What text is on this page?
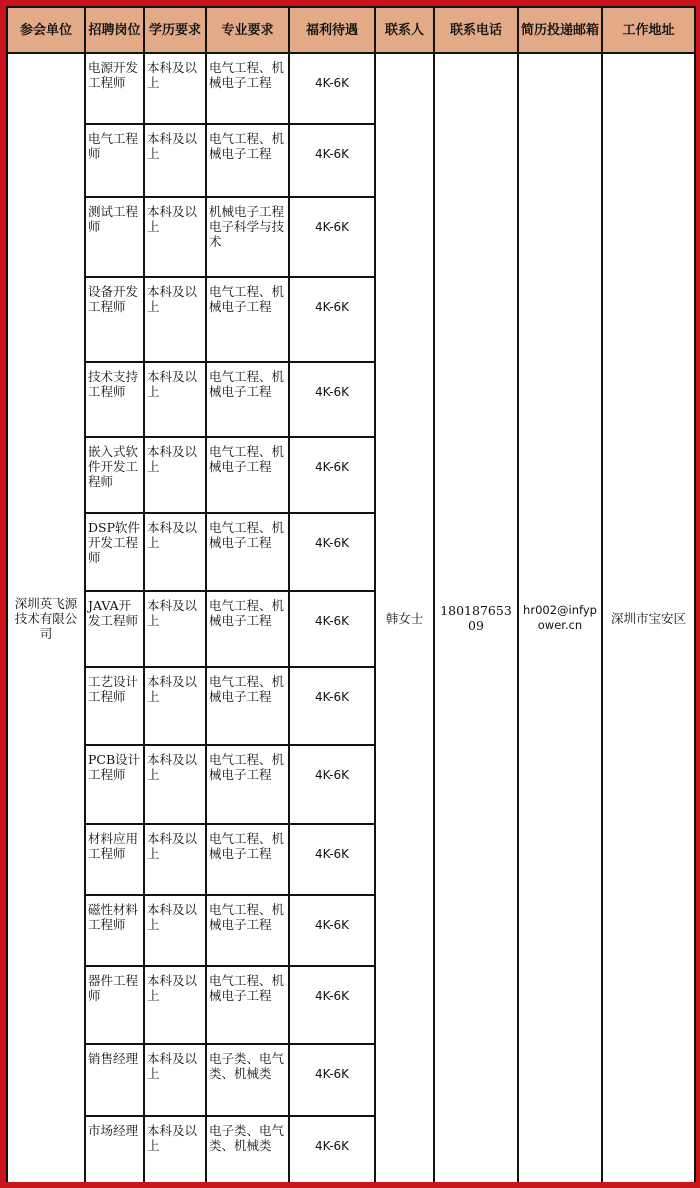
参会单位	招聘岗位	学历要求	专业要求	福利待遇	联系人	联系电话	简历投递邮箱	工作地址
深圳英飞源技术有限公司	电源开发工程师	本科及以上	电气工程、机械电子工程	4K-6K	韩女士	18018765309	hr002@infypower.cn	深圳市宝安区
	电气工程师	本科及以上	电气工程、机械电子工程	4K-6K				
	测试工程师	本科及以上	机械电子工程电子科学与技术	4K-6K				
	设备开发工程师	本科及以上	电气工程、机械电子工程	4K-6K				
	技术支持工程师	本科及以上	电气工程、机械电子工程	4K-6K				
	嵌入式软件开发工程师	本科及以上	电气工程、机械电子工程	4K-6K				
	DSP软件开发工程师	本科及以上	电气工程、机械电子工程	4K-6K				
	JAVA开发工程师	本科及以上	电气工程、机械电子工程	4K-6K				
	工艺设计工程师	本科及以上	电气工程、机械电子工程	4K-6K				
	PCB设计工程师	本科及以上	电气工程、机械电子工程	4K-6K				
	材料应用工程师	本科及以上	电气工程、机械电子工程	4K-6K				
	磁性材料工程师	本科及以上	电气工程、机械电子工程	4K-6K				
	器件工程师	本科及以上	电气工程、机械电子工程	4K-6K				
	销售经理	本科及以上	电子类、电气类、机械类	4K-6K				
	市场经理	本科及以上	电子类、电气类、机械类	4K-6K				
